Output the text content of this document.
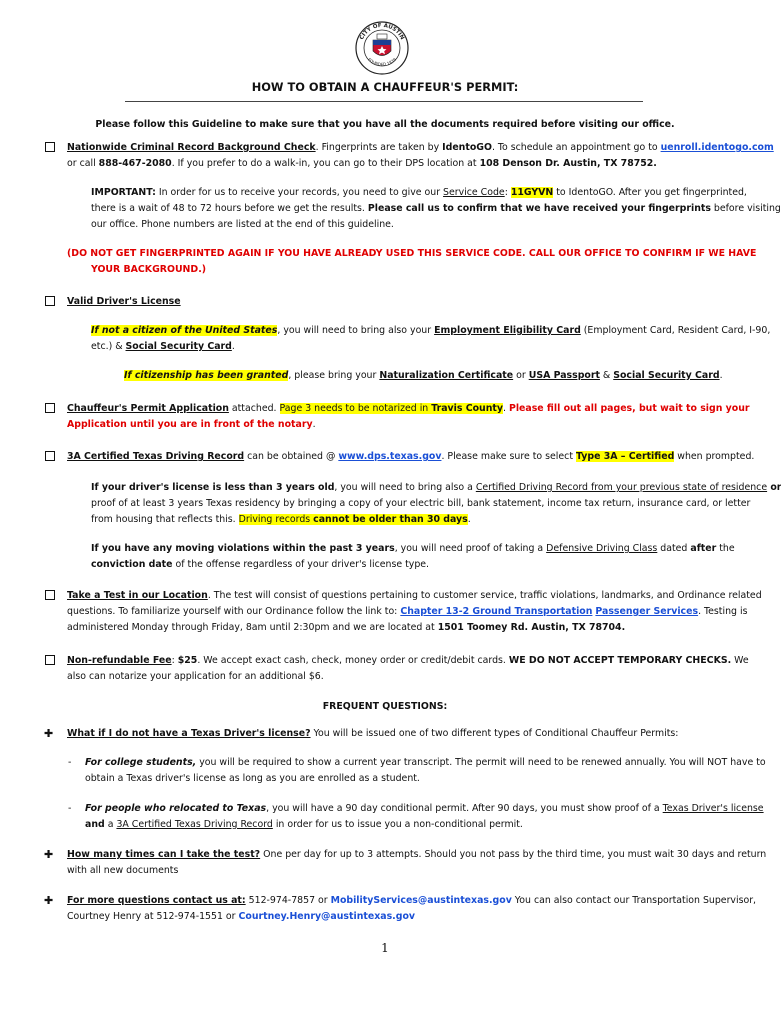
CITY OF AUSTIN
FOUNDED 1839
HOW TO OBTAIN A CHAUFFEUR'S PERMIT:
Please follow this Guideline to make sure that you have all the documents required before visiting our office.
Nationwide Criminal Record Background Check. Fingerprints are taken by IdentoGO. To schedule an appointment go to uenroll.identogo.com
or call 888-467-2080. If you prefer to do a walk-in, you can go to their DPS location at 108 Denson Dr. Austin, TX 78752.
IMPORTANT: In order for us to receive your records, you need to give our Service Code: 11GYVN to IdentoGO. After you get fingerprinted,
there is a wait of 48 to 72 hours before we get the results. Please call us to confirm that we have received your fingerprints before visiting
our office. Phone numbers are listed at the end of this guideline.
(DO NOT GET FINGERPRINTED AGAIN IF YOU HAVE ALREADY USED THIS SERVICE CODE. CALL OUR OFFICE TO CONFIRM IF WE HAVE
YOUR BACKGROUND.)
Valid Driver's License
If not a citizen of the United States, you will need to bring also your Employment Eligibility Card (Employment Card, Resident Card, I-90,
etc.) & Social Security Card.
If citizenship has been granted, please bring your Naturalization Certificate or USA Passport & Social Security Card.
Chauffeur's Permit Application attached. Page 3 needs to be notarized in Travis County. Please fill out all pages, but wait to sign your
Application until you are in front of the notary.
3A Certified Texas Driving Record can be obtained @ www.dps.texas.gov. Please make sure to select Type 3A – Certified when prompted.
If your driver's license is less than 3 years old, you will need to bring also a Certified Driving Record from your previous state of residence or
proof of at least 3 years Texas residency by bringing a copy of your electric bill, bank statement, income tax return, insurance card, or letter
from housing that reflects this. Driving records cannot be older than 30 days.
If you have any moving violations within the past 3 years, you will need proof of taking a Defensive Driving Class dated after the
conviction date of the offense regardless of your driver's license type.
Take a Test in our Location. The test will consist of questions pertaining to customer service, traffic violations, landmarks, and Ordinance related
questions. To familiarize yourself with our Ordinance follow the link to: Chapter 13-2 Ground Transportation Passenger Services. Testing is
administered Monday through Friday, 8am until 2:30pm and we are located at 1501 Toomey Rd. Austin, TX 78704.
Non-refundable Fee: $25. We accept exact cash, check, money order or credit/debit cards. WE DO NOT ACCEPT TEMPORARY CHECKS. We
also can notarize your application for an additional $6.
FREQUENT QUESTIONS:
✚ What if I do not have a Texas Driver's license? You will be issued one of two different types of Conditional Chauffeur Permits:
- For college students, you will be required to show a current year transcript. The permit will need to be renewed annually. You will NOT have to
obtain a Texas driver's license as long as you are enrolled as a student.
- For people who relocated to Texas, you will have a 90 day conditional permit. After 90 days, you must show proof of a Texas Driver's license
and a 3A Certified Texas Driving Record in order for us to issue you a non-conditional permit.
✚ How many times can I take the test? One per day for up to 3 attempts. Should you not pass by the third time, you must wait 30 days and return
with all new documents
✚ For more questions contact us at: 512-974-7857 or MobilityServices@austintexas.gov You can also contact our Transportation Supervisor,
Courtney Henry at 512-974-1551 or Courtney.Henry@austintexas.gov
1
